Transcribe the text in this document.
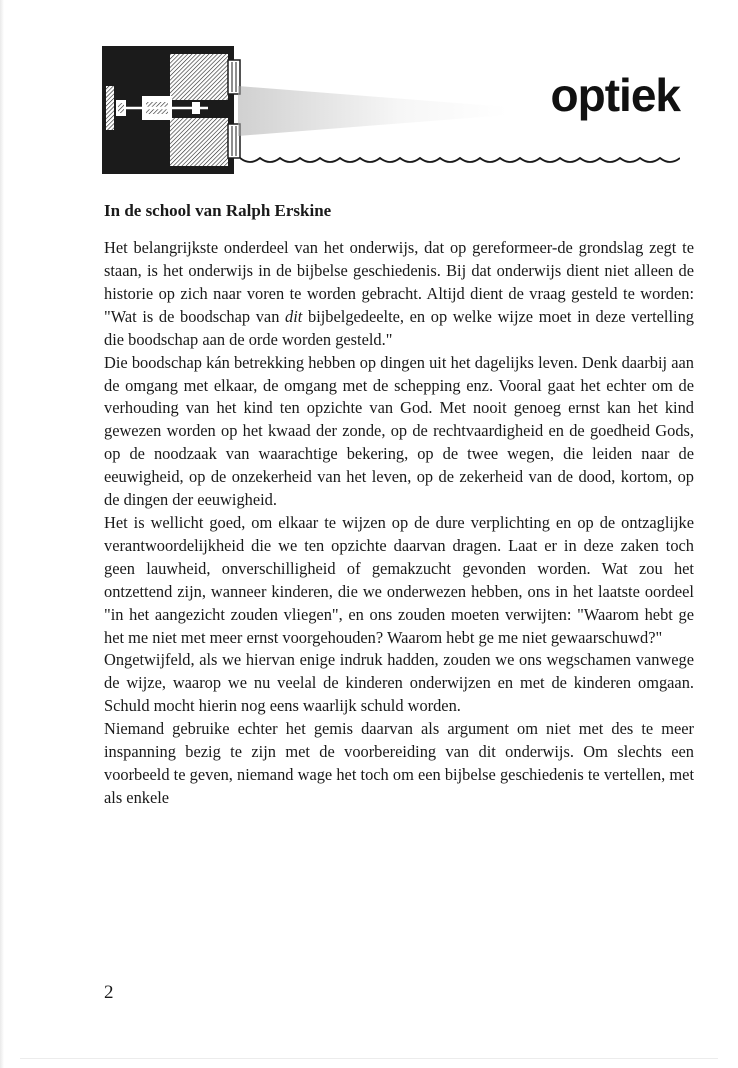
optiek
In de school van Ralph Erskine

Het belangrijkste onderdeel van het onderwijs, dat op gereformeer-de grondslag zegt te staan, is het onderwijs in de bijbelse geschiedenis. Bij dat onderwijs dient niet alleen de historie op zich naar voren te worden gebracht. Altijd dient de vraag gesteld te worden: "Wat is de boodschap van dit bijbelgedeelte, en op welke wijze moet in deze vertelling die boodschap aan de orde worden gesteld."

Die boodschap kán betrekking hebben op dingen uit het dagelijks leven. Denk daarbij aan de omgang met elkaar, de omgang met de schepping enz. Vooral gaat het echter om de verhouding van het kind ten opzichte van God. Met nooit genoeg ernst kan het kind gewezen worden op het kwaad der zonde, op de rechtvaardigheid en de goedheid Gods, op de noodzaak van waarachtige bekering, op de twee wegen, die leiden naar de eeuwigheid, op de onzekerheid van het leven, op de zekerheid van de dood, kortom, op de dingen der eeuwigheid.

Het is wellicht goed, om elkaar te wijzen op de dure verplichting en op de ontzaglijke verantwoordelijkheid die we ten opzichte daarvan dragen. Laat er in deze zaken toch geen lauwheid, onverschilligheid of gemakzucht gevonden worden. Wat zou het ontzettend zijn, wanneer kinderen, die we onderwezen hebben, ons in het laatste oordeel "in het aangezicht zouden vliegen", en ons zouden moeten verwijten: "Waarom hebt ge het me niet met meer ernst voorgehouden? Waarom hebt ge me niet gewaarschuwd?"

Ongetwijfeld, als we hiervan enige indruk hadden, zouden we ons wegschamen vanwege de wijze, waarop we nu veelal de kinderen onderwijzen en met de kinderen omgaan. Schuld mocht hierin nog eens waarlijk schuld worden.

Niemand gebruike echter het gemis daarvan als argument om niet met des te meer inspanning bezig te zijn met de voorbereiding van dit onderwijs. Om slechts een voorbeeld te geven, niemand wage het toch om een bijbelse geschiedenis te vertellen, met als enkele

2
